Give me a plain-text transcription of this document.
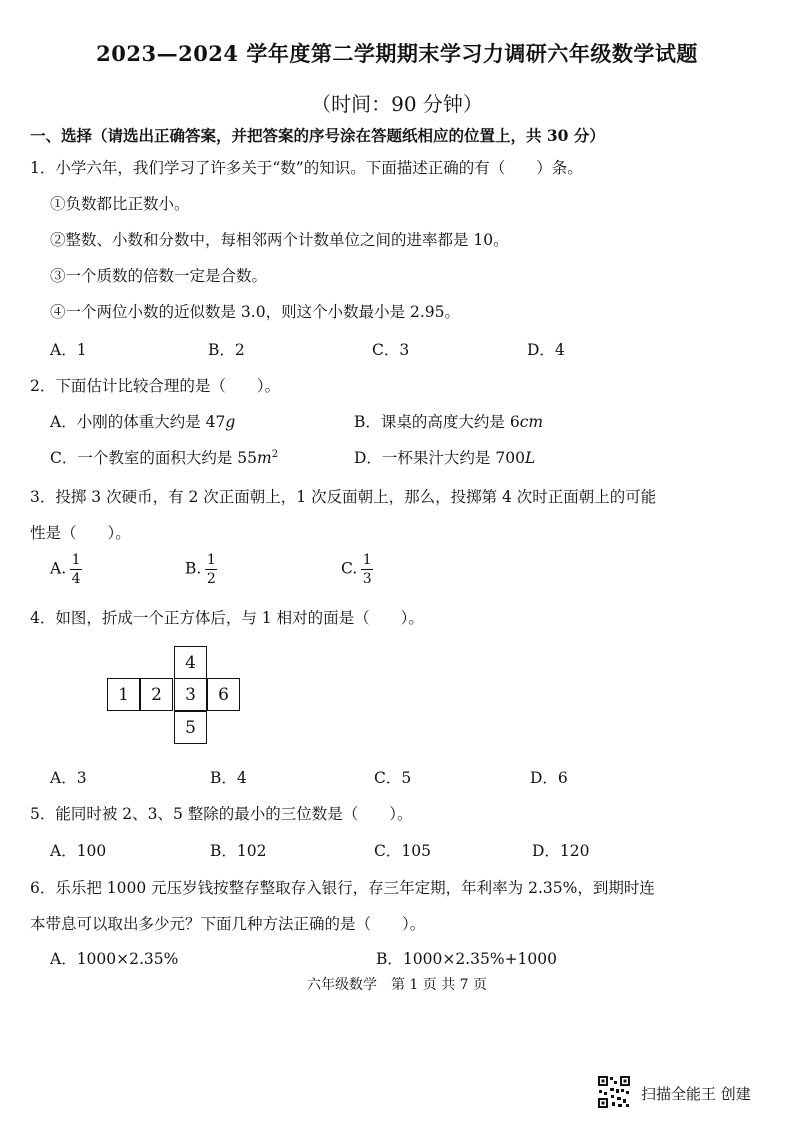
2023—2024 学年度第二学期期末学习力调研六年级数学试题
（时间：90 分钟）
一、选择（请选出正确答案，并把答案的序号涂在答题纸相应的位置上，共 30 分）
1．小学六年，我们学习了许多关于“数”的知识。下面描述正确的有（　　）条。
①负数都比正数小。
②整数、小数和分数中，每相邻两个计数单位之间的进率都是 10。
③一个质数的倍数一定是合数。
④一个两位小数的近似数是 3.0，则这个小数最小是 2.95。
A．1	B．2	C．3	D．4
2．下面估计比较合理的是（　　）。
A．小刚的体重大约是 47g	B．课桌的高度大约是 6cm
C．一个教室的面积大约是 $55m^2$	D．一杯果汁大约是 700L
3．投掷 3 次硬币，有 2 次正面朝上，1 次反面朝上，那么，投掷第 4 次时正面朝上的可能
性是（　　）。
A. $\frac{1}{4}$	B. $\frac{1}{2}$	C. $\frac{1}{3}$
4．如图，折成一个正方体后，与 1 相对的面是（　　）。
4
1	2	3	6
5
A．3	B．4	C．5	D．6
5．能同时被 2、3、5 整除的最小的三位数是（　　）。
A．100	B．102	C．105	D．120
6．乐乐把 1000 元压岁钱按整存整取存入银行，存三年定期，年利率为 2.35%，到期时连
本带息可以取出多少元？下面几种方法正确的是（　　）。
A．1000×2.35%	B．1000×2.35%+1000
六年级数学　第 1 页 共 7 页
扫描全能王 创建
